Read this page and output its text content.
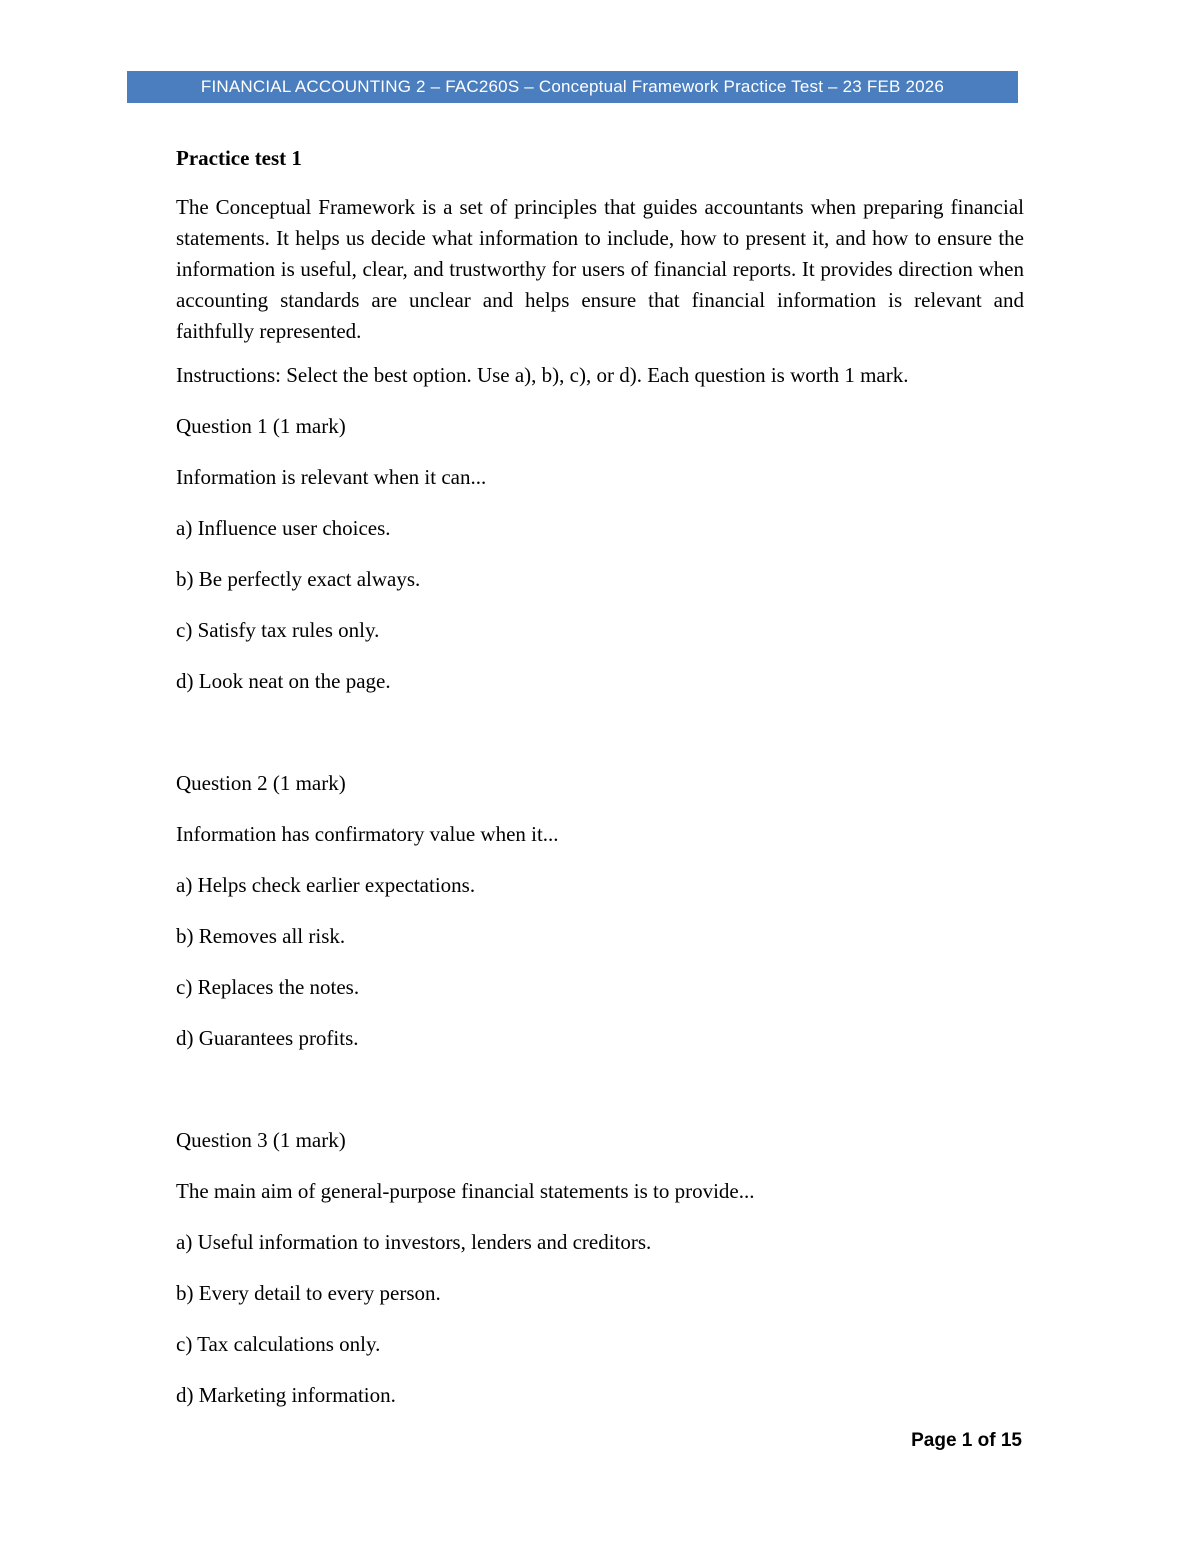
FINANCIAL ACCOUNTING 2 – FAC260S – Conceptual Framework Practice Test – 23 FEB 2026

Practice test 1

The Conceptual Framework is a set of principles that guides accountants when preparing financial statements. It helps us decide what information to include, how to present it, and how to ensure the information is useful, clear, and trustworthy for users of financial reports. It provides direction when accounting standards are unclear and helps ensure that financial information is relevant and faithfully represented.

Instructions: Select the best option. Use a), b), c), or d). Each question is worth 1 mark.

Question 1 (1 mark)

Information is relevant when it can...

a) Influence user choices.

b) Be perfectly exact always.

c) Satisfy tax rules only.

d) Look neat on the page.

Question 2 (1 mark)

Information has confirmatory value when it...

a) Helps check earlier expectations.

b) Removes all risk.

c) Replaces the notes.

d) Guarantees profits.

Question 3 (1 mark)

The main aim of general-purpose financial statements is to provide...

a) Useful information to investors, lenders and creditors.

b) Every detail to every person.

c) Tax calculations only.

d) Marketing information.

Page 1 of 15
